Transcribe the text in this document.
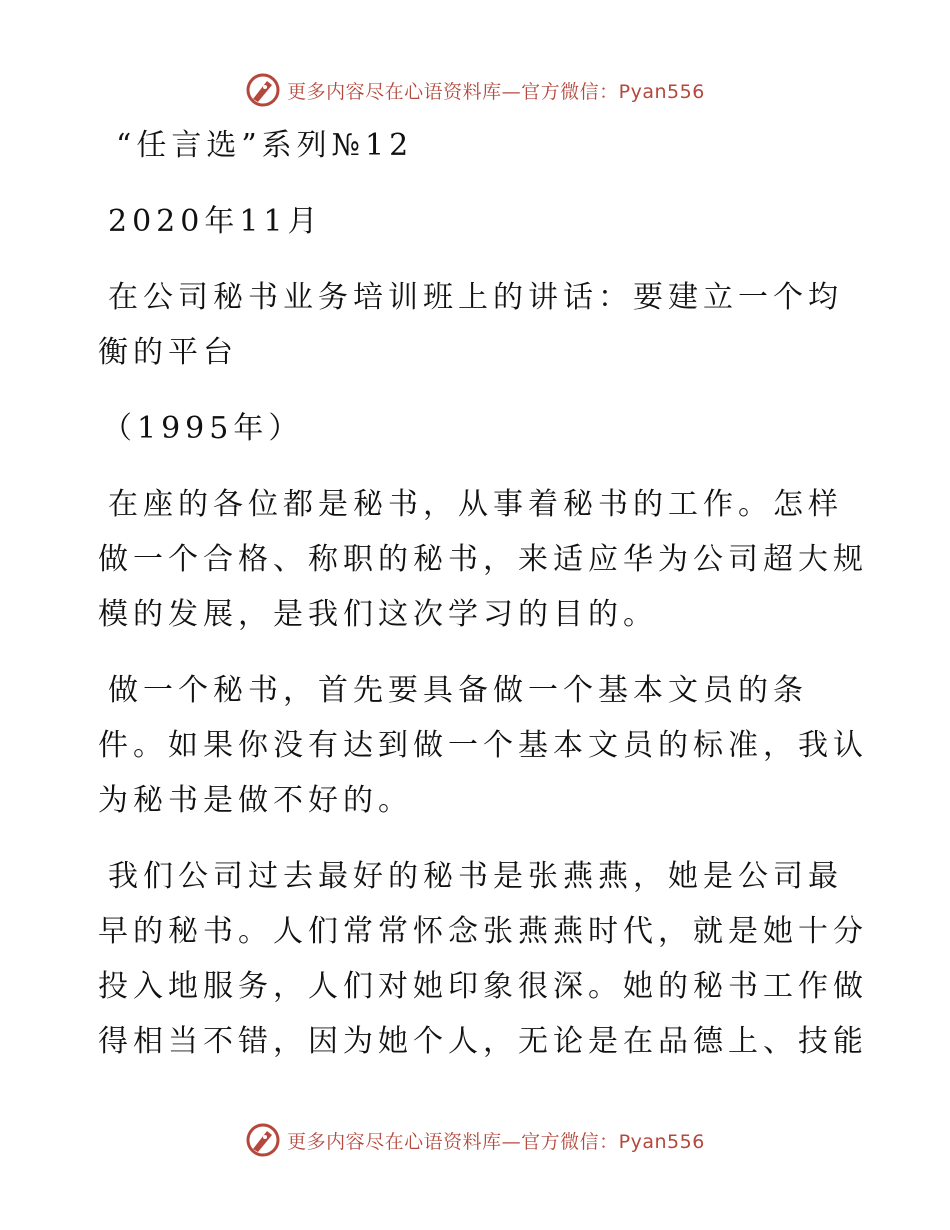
更多内容尽在心语资料库—官方微信：Pyan556

“任言选”系列№12

2020年11月

在公司秘书业务培训班上的讲话：要建立一个均

衡的平台

（1995年）

在座的各位都是秘书，从事着秘书的工作。怎样

做一个合格、称职的秘书，来适应华为公司超大规

模的发展，是我们这次学习的目的。

做一个秘书，首先要具备做一个基本文员的条

件。如果你没有达到做一个基本文员的标准，我认

为秘书是做不好的。

我们公司过去最好的秘书是张燕燕，她是公司最

早的秘书。人们常常怀念张燕燕时代，就是她十分

投入地服务，人们对她印象很深。她的秘书工作做

得相当不错，因为她个人，无论是在品德上、技能

更多内容尽在心语资料库—官方微信：Pyan556
